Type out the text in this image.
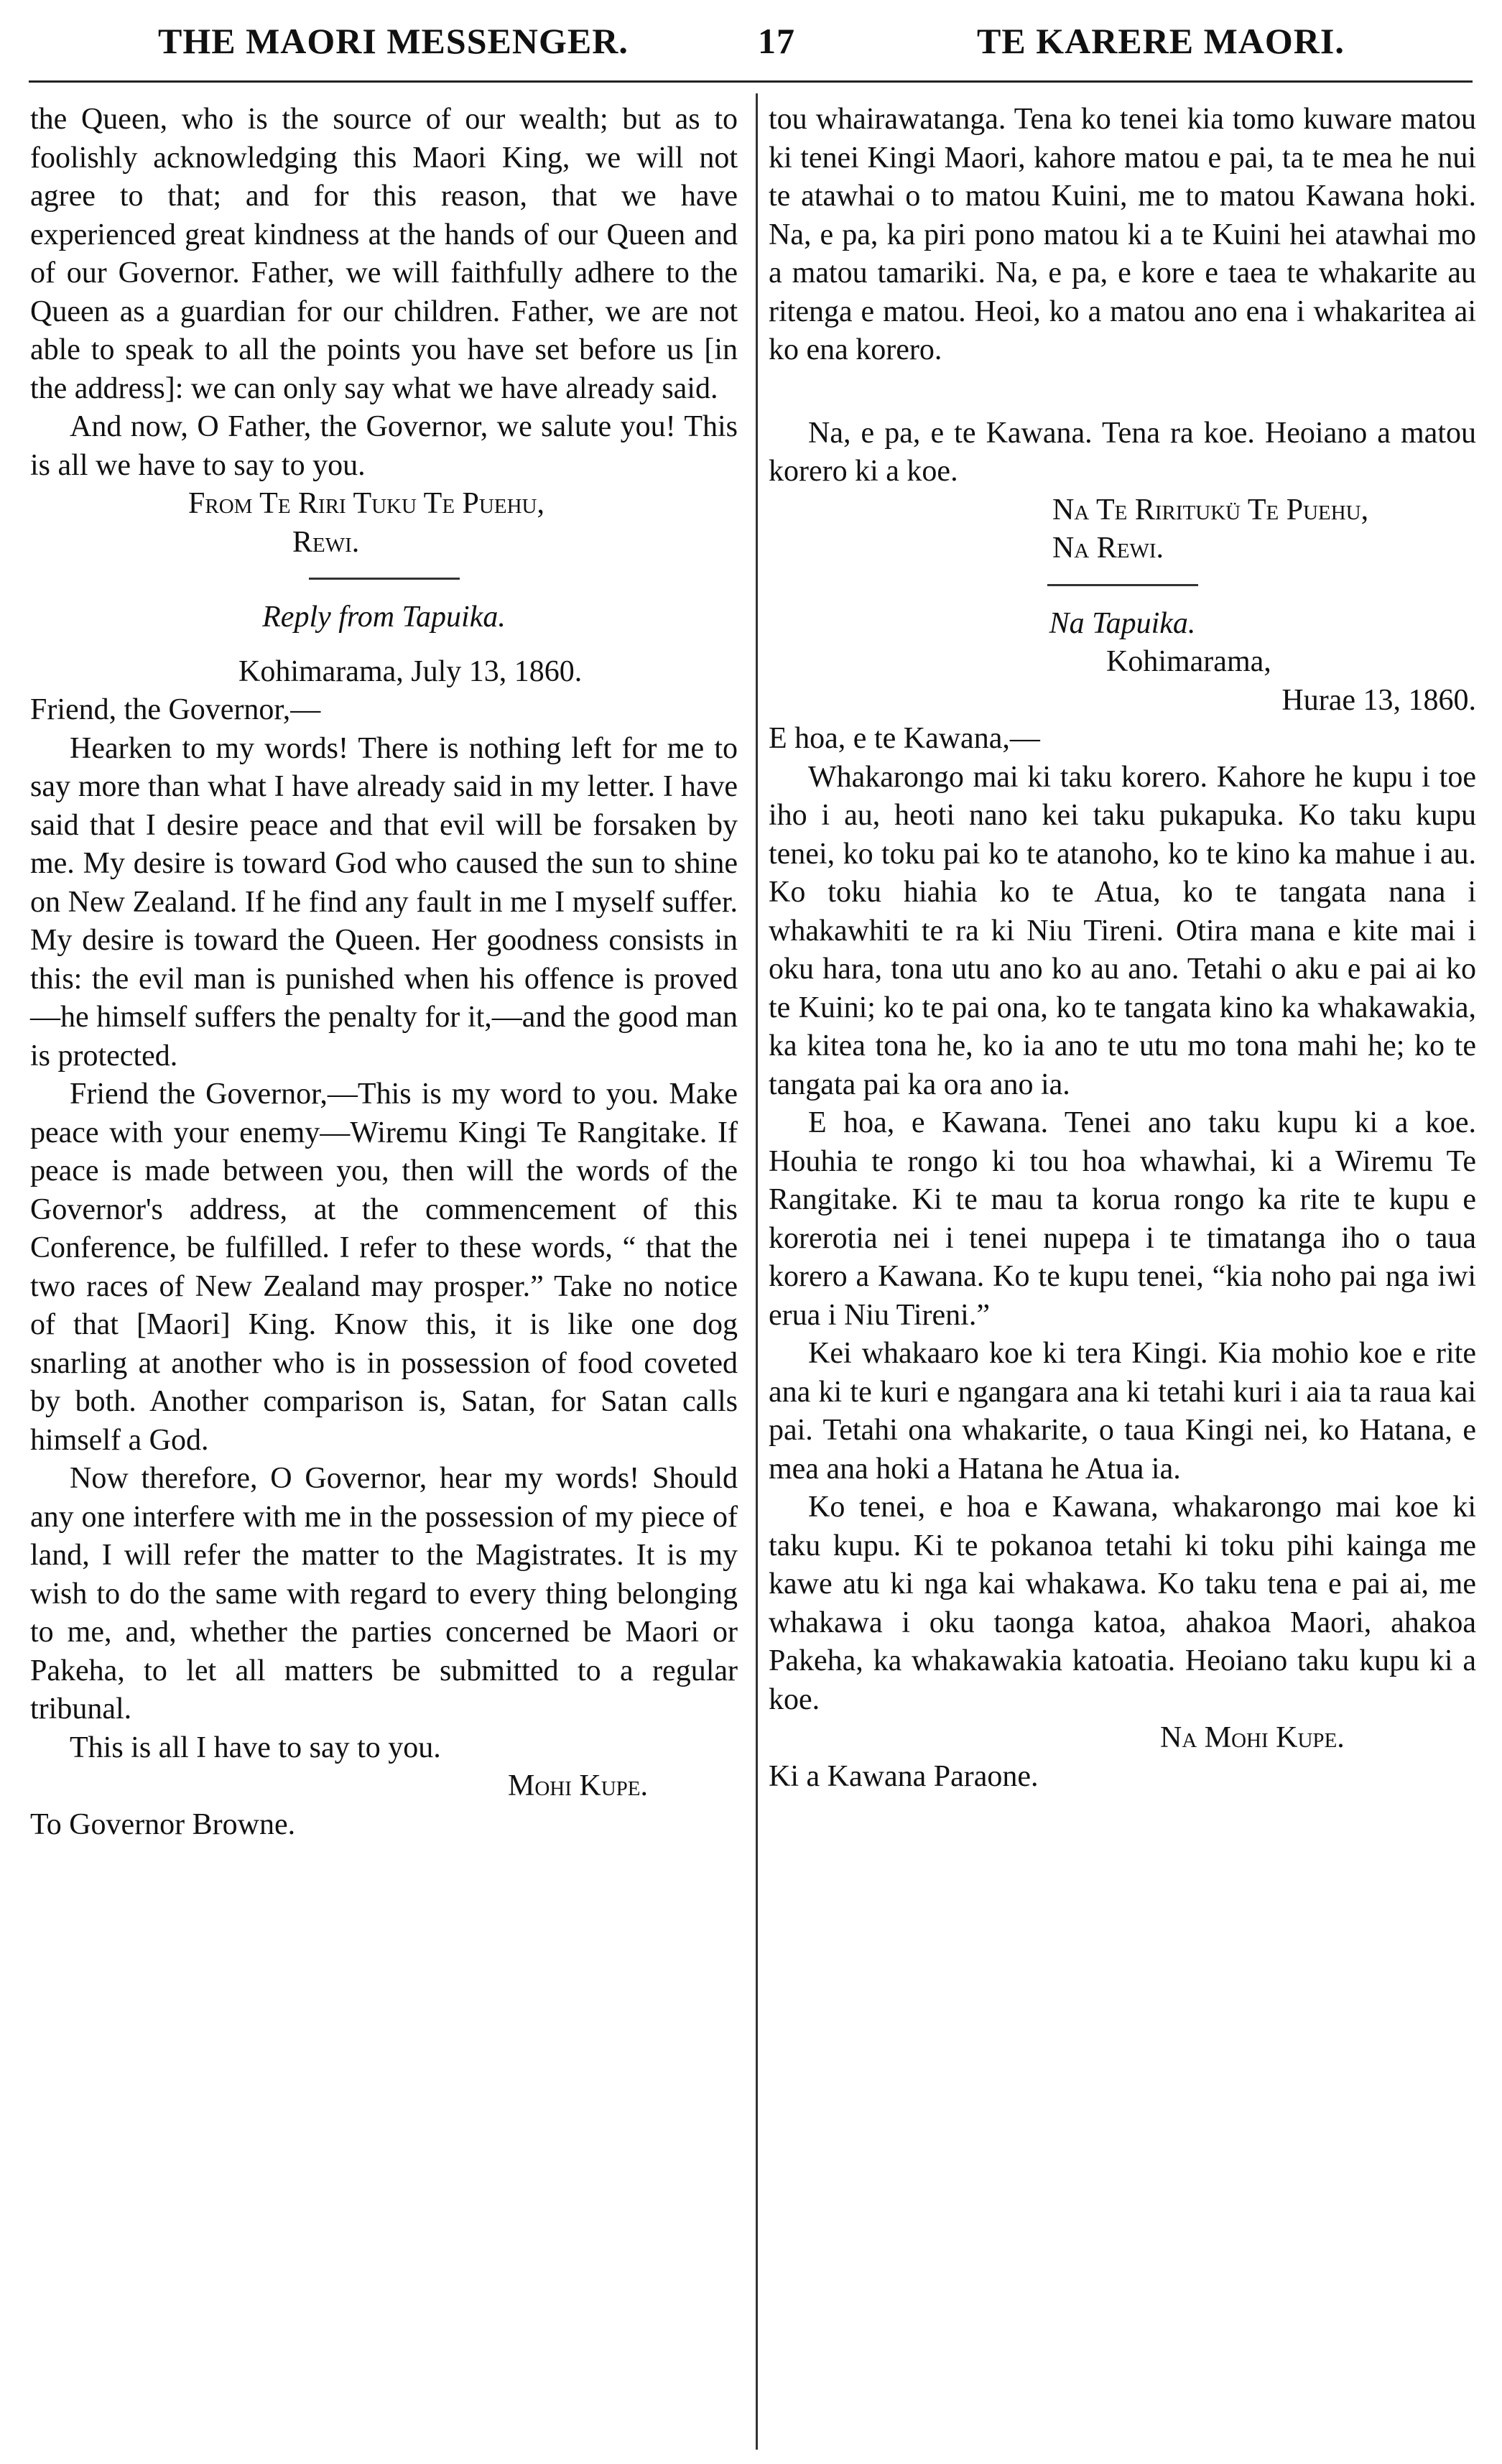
THE MAORI MESSENGER.	17	TE KARERE MAORI.

the Queen, who is the source of our wealth; but as to foolishly acknowledging this Maori King, we will not agree to that; and for this reason, that we have experienced great kindness at the hands of our Queen and of our Governor. Father, we will faithfully adhere to the Queen as a guardian for our children. Father, we are not able to speak to all the points you have set before us [in the address]: we can only say what we have already said.

And now, O Father, the Governor, we salute you! This is all we have to say to you.

From Te Riri Tuku Te Puehu,

Rewi.

Reply from Tapuika.

Kohimarama, July 13, 1860.

Friend, the Governor,—

Hearken to my words! There is nothing left for me to say more than what I have already said in my letter. I have said that I desire peace and that evil will be forsaken by me. My desire is toward God who caused the sun to shine on New Zealand. If he find any fault in me I myself suffer. My desire is toward the Queen. Her goodness consists in this: the evil man is punished when his offence is proved—he himself suffers the penalty for it,—and the good man is protected.

Friend the Governor,—This is my word to you. Make peace with your enemy—Wiremu Kingi Te Rangitake. If peace is made between you, then will the words of the Governor's address, at the commencement of this Conference, be fulfilled. I refer to these words, “ that the two races of New Zealand may prosper.” Take no notice of that [Maori] King. Know this, it is like one dog snarling at another who is in possession of food coveted by both. Another comparison is, Satan, for Satan calls himself a God.

Now therefore, O Governor, hear my words! Should any one interfere with me in the possession of my piece of land, I will refer the matter to the Magistrates. It is my wish to do the same with regard to every thing belonging to me, and, whether the parties concerned be Maori or Pakeha, to let all matters be submitted to a regular tribunal.

This is all I have to say to you.

Mohi Kupe.

To Governor Browne.

tou whairawatanga. Tena ko tenei kia tomo kuware matou ki tenei Kingi Maori, kahore matou e pai, ta te mea he nui te atawhai o to matou Kuini, me to matou Kawana hoki. Na, e pa, ka piri pono matou ki a te Kuini hei atawhai mo a matou tamariki. Na, e pa, e kore e taea te whakarite au ritenga e matou. Heoi, ko a matou ano ena i whakaritea ai ko ena korero.

Na, e pa, e te Kawana. Tena ra koe. Heoiano a matou korero ki a koe.

Na Te Riritukü Te Puehu,

Na Rewi.

Na Tapuika.

Kohimarama,

Hurae 13, 1860.

E hoa, e te Kawana,—

Whakarongo mai ki taku korero. Kahore he kupu i toe iho i au, heoti nano kei taku pukapuka. Ko taku kupu tenei, ko toku pai ko te atanoho, ko te kino ka mahue i au. Ko toku hiahia ko te Atua, ko te tangata nana i whakawhiti te ra ki Niu Tireni. Otira mana e kite mai i oku hara, tona utu ano ko au ano. Tetahi o aku e pai ai ko te Kuini; ko te pai ona, ko te tangata kino ka whakawakia, ka kitea tona he, ko ia ano te utu mo tona mahi he; ko te tangata pai ka ora ano ia.

E hoa, e Kawana. Tenei ano taku kupu ki a koe. Houhia te rongo ki tou hoa whawhai, ki a Wiremu Te Rangitake. Ki te mau ta korua rongo ka rite te kupu e korerotia nei i tenei nupepa i te timatanga iho o taua korero a Kawana. Ko te kupu tenei, “kia noho pai nga iwi erua i Niu Tireni.”

Kei whakaaro koe ki tera Kingi. Kia mohio koe e rite ana ki te kuri e ngangara ana ki tetahi kuri i aia ta raua kai pai. Tetahi ona whakarite, o taua Kingi nei, ko Hatana, e mea ana hoki a Hatana he Atua ia.

Ko tenei, e hoa e Kawana, whakarongo mai koe ki taku kupu. Ki te pokanoa tetahi ki toku pihi kainga me kawe atu ki nga kai whakawa. Ko taku tena e pai ai, me whakawa i oku taonga katoa, ahakoa Maori, ahakoa Pakeha, ka whakawakia katoatia. Heoiano taku kupu ki a koe.

Na Mohi Kupe.

Ki a Kawana Paraone.
